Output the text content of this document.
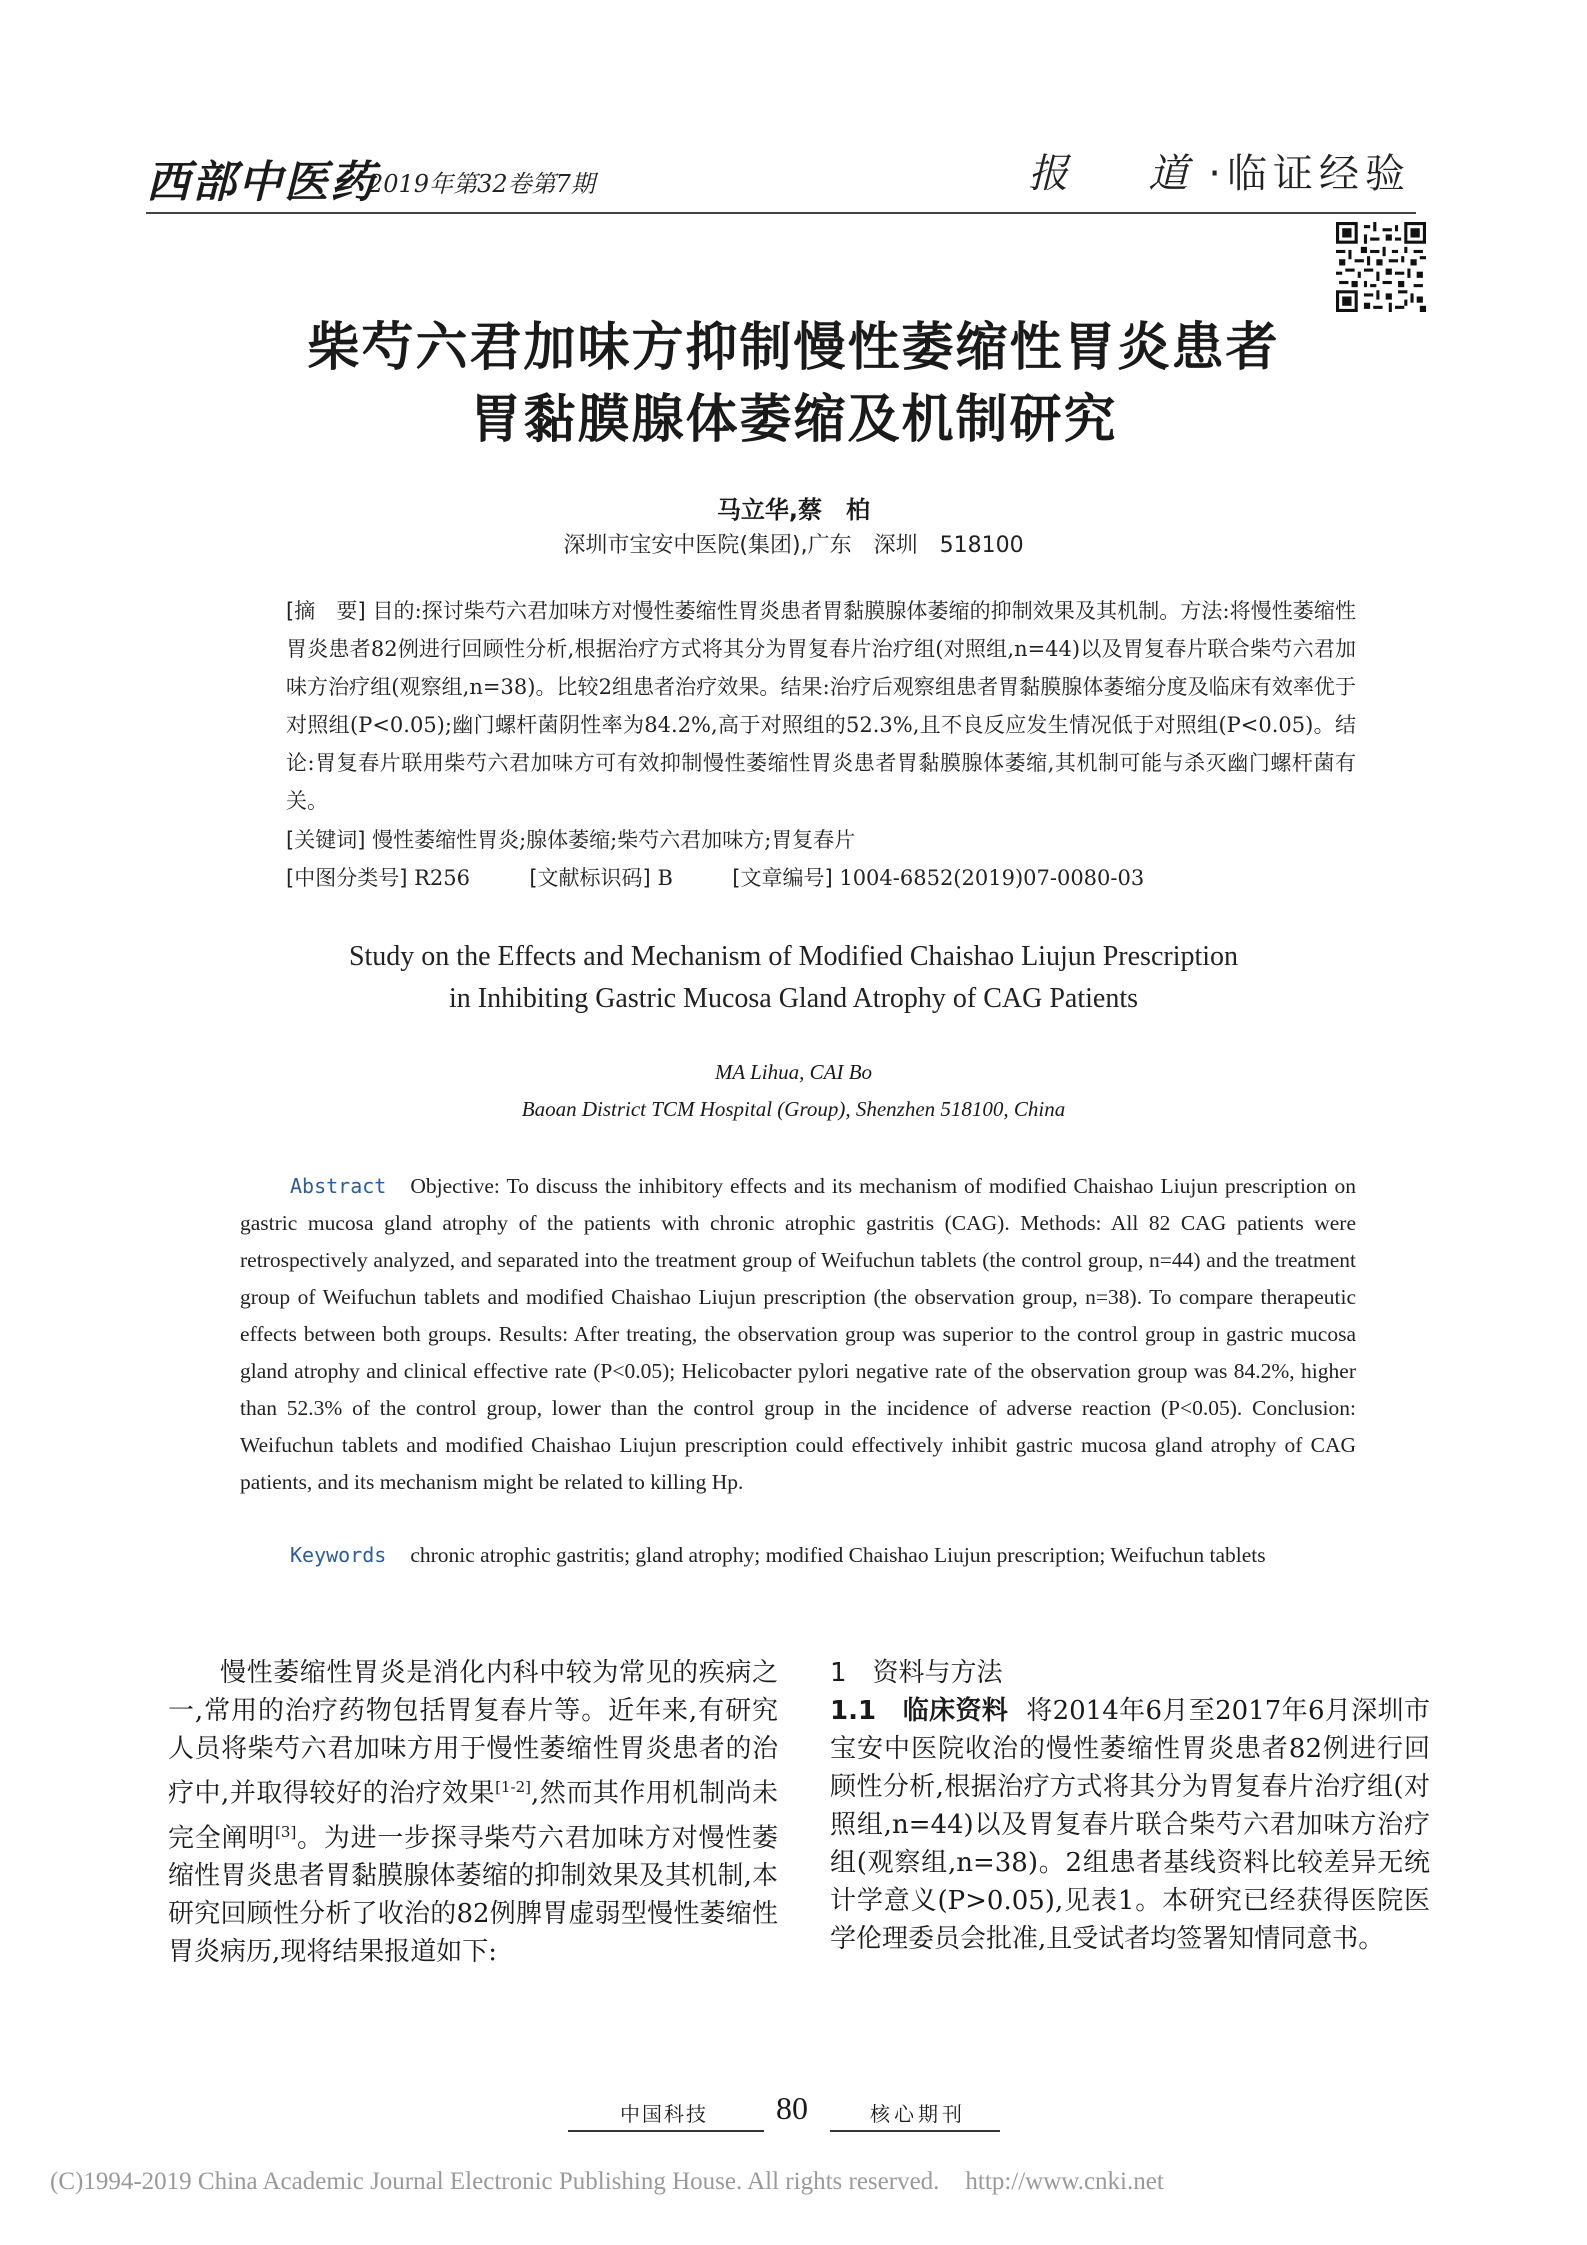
西部中医药
2019年第32卷第7期	报　道·临证经验
柴芍六君加味方抑制慢性萎缩性胃炎患者
胃黏膜腺体萎缩及机制研究
马立华,蔡　柏
深圳市宝安中医院(集团),广东　深圳　518100
[摘　要] 目的:探讨柴芍六君加味方对慢性萎缩性胃炎患者胃黏膜腺体萎缩的抑制效果及其机制。方法:将慢性萎缩性胃炎患者82例进行回顾性分析,根据治疗方式将其分为胃复春片治疗组(对照组,n=44)以及胃复春片联合柴芍六君加味方治疗组(观察组,n=38)。比较2组患者治疗效果。结果:治疗后观察组患者胃黏膜腺体萎缩分度及临床有效率优于对照组(P<0.05);幽门螺杆菌阴性率为84.2%,高于对照组的52.3%,且不良反应发生情况低于对照组(P<0.05)。结论:胃复春片联用柴芍六君加味方可有效抑制慢性萎缩性胃炎患者胃黏膜腺体萎缩,其机制可能与杀灭幽门螺杆菌有关。
[关键词] 慢性萎缩性胃炎;腺体萎缩;柴芍六君加味方;胃复春片
[中图分类号] R256	[文献标识码] B	[文章编号] 1004-6852(2019)07-0080-03
Study on the Effects and Mechanism of Modified Chaishao Liujun Prescription
in Inhibiting Gastric Mucosa Gland Atrophy of CAG Patients
MA Lihua, CAI Bo
Baoan District TCM Hospital (Group), Shenzhen 518100, China
Abstract Objective: To discuss the inhibitory effects and its mechanism of modified Chaishao Liujun prescription on gastric mucosa gland atrophy of the patients with chronic atrophic gastritis (CAG). Methods: All 82 CAG patients were retrospectively analyzed, and separated into the treatment group of Weifuchun tablets (the control group, n=44) and the treatment group of Weifuchun tablets and modified Chaishao Liujun prescription (the observation group, n=38). To compare therapeutic effects between both groups. Results: After treating, the observation group was superior to the control group in gastric mucosa gland atrophy and clinical effective rate (P<0.05); Helicobacter pylori negative rate of the observation group was 84.2%, higher than 52.3% of the control group, lower than the control group in the incidence of adverse reaction (P<0.05). Conclusion: Weifuchun tablets and modified Chaishao Liujun prescription could effectively inhibit gastric mucosa gland atrophy of CAG patients, and its mechanism might be related to killing Hp.
Keywords chronic atrophic gastritis; gland atrophy; modified Chaishao Liujun prescription; Weifuchun tablets

慢性萎缩性胃炎是消化内科中较为常见的疾病之一,常用的治疗药物包括胃复春片等。近年来,有研究人员将柴芍六君加味方用于慢性萎缩性胃炎患者的治疗中,并取得较好的治疗效果[1-2],然而其作用机制尚未完全阐明[3]。为进一步探寻柴芍六君加味方对慢性萎缩性胃炎患者胃黏膜腺体萎缩的抑制效果及其机制,本研究回顾性分析了收治的82例脾胃虚弱型慢性萎缩性胃炎病历,现将结果报道如下:

1　资料与方法

1.1　临床资料 将2014年6月至2017年6月深圳市宝安中医院收治的慢性萎缩性胃炎患者82例进行回顾性分析,根据治疗方式将其分为胃复春片治疗组(对照组,n=44)以及胃复春片联合柴芍六君加味方治疗组(观察组,n=38)。2组患者基线资料比较差异无统计学意义(P>0.05),见表1。本研究已经获得医院医学伦理委员会批准,且受试者均签署知情同意书。

中国科技 80	核心期刊
(C)1994-2019 China Academic Journal Electronic Publishing House. All rights reserved. http://www.cnki.net
